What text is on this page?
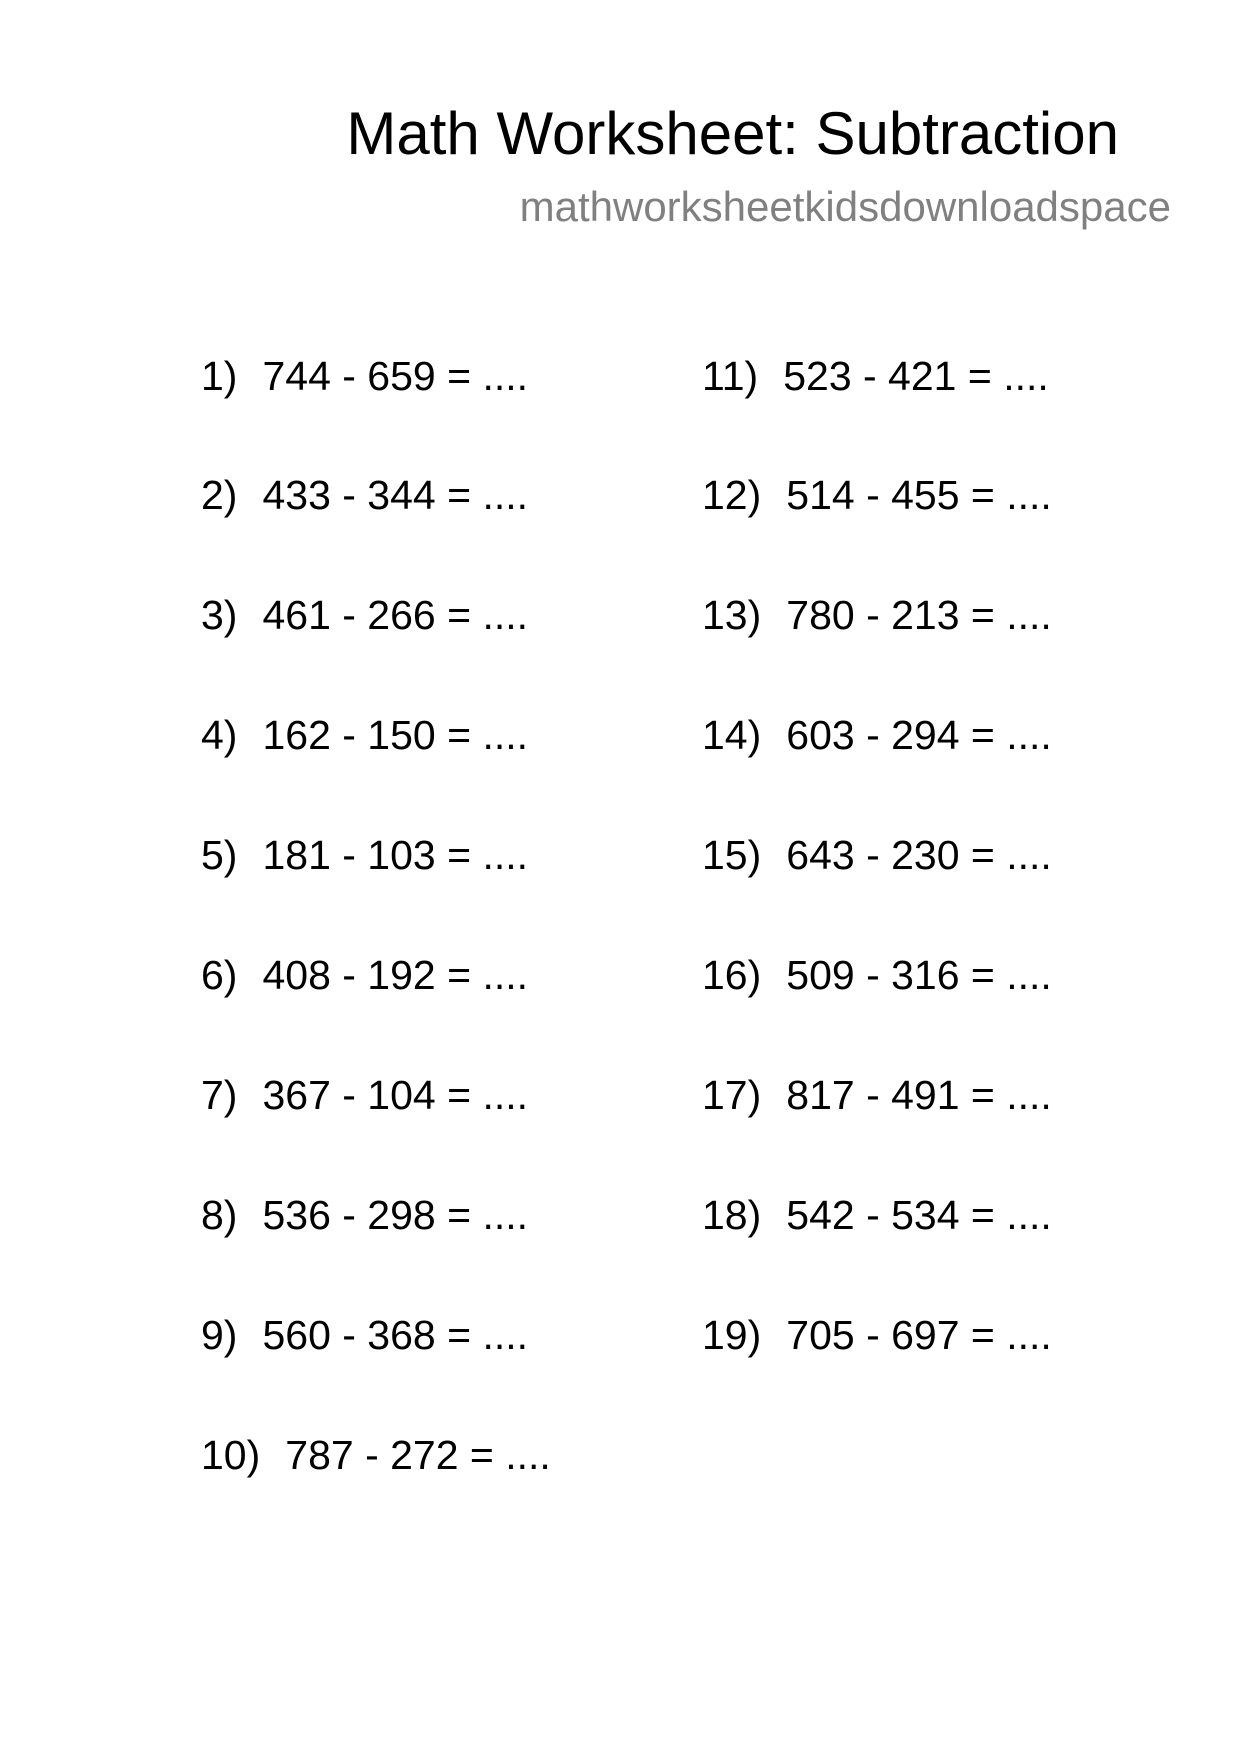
Math Worksheet: Subtraction
mathworksheetkidsdownloadspace
1) 744 - 659 = ....
2) 433 - 344 = ....
3) 461 - 266 = ....
4) 162 - 150 = ....
5) 181 - 103 = ....
6) 408 - 192 = ....
7) 367 - 104 = ....
8) 536 - 298 = ....
9) 560 - 368 = ....
10) 787 - 272 = ....
11) 523 - 421 = ....
12) 514 - 455 = ....
13) 780 - 213 = ....
14) 603 - 294 = ....
15) 643 - 230 = ....
16) 509 - 316 = ....
17) 817 - 491 = ....
18) 542 - 534 = ....
19) 705 - 697 = ....
